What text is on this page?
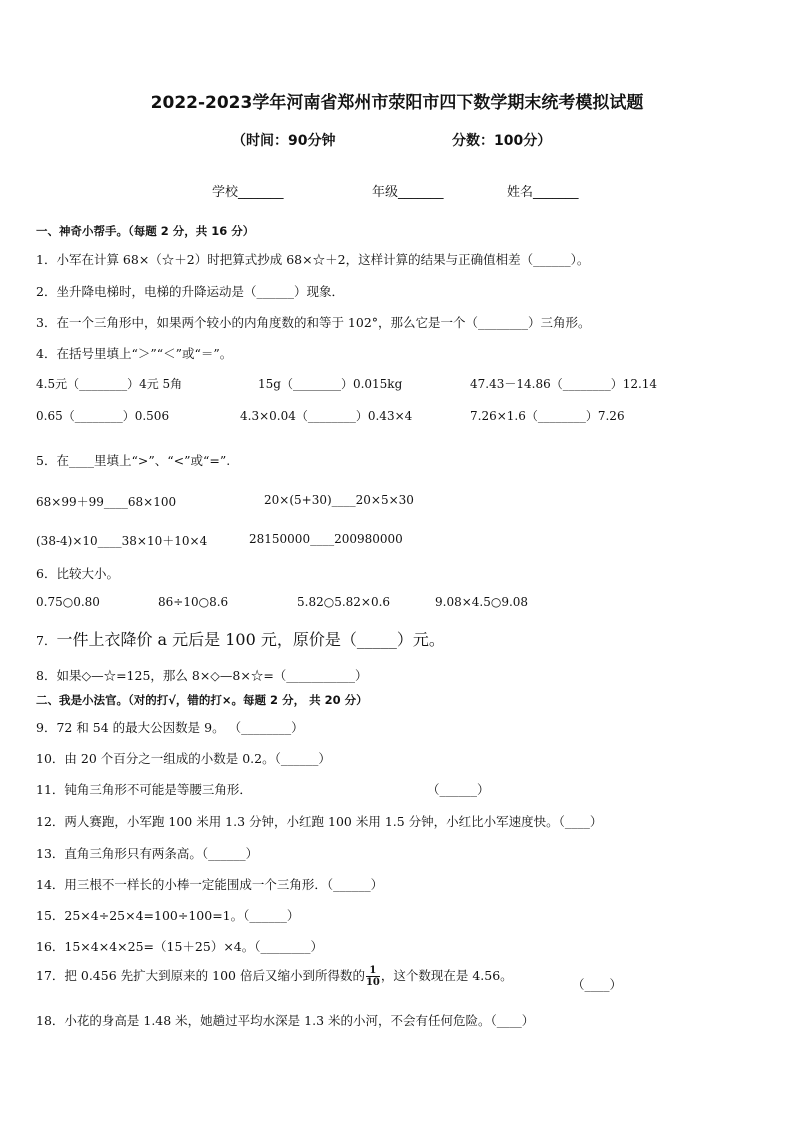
2022-2023学年河南省郑州市荥阳市四下数学期末统考模拟试题
（时间：90分钟	分数：100分）
学校_______	年级_______	姓名_______
一、神奇小帮手。（每题 2 分，共 16 分）
1．小军在计算 68×（☆＋2）时把算式抄成 68×☆＋2，这样计算的结果与正确值相差（______）。
2．坐升降电梯时，电梯的升降运动是（______）现象．
3．在一个三角形中，如果两个较小的内角度数的和等于 102°，那么它是一个（________）三角形。
4．在括号里填上“＞”“＜”或“＝”。
4.5元（________）4元 5角	15g（________）0.015kg	47.43－14.86（________）12.14
0.65（________）0.506	4.3×0.04（________）0.43×4	7.26×1.6（________）7.26
5．在____里填上“>”、“<”或“=”.
68×99＋99____68×100	20×(5+30)____20×5×30
(38-4)×10____38×10＋10×4	28150000____200980000
6．比较大小。
0.75○0.80	86÷10○8.6	5.82○5.82×0.6	9.08×4.5○9.08
7．一件上衣降价 a 元后是 100 元，原价是（_____）元。
8．如果◇—☆=125，那么 8×◇—8×☆=（___________）
二、我是小法官。（对的打√，错的打×。每题 2 分， 共 20 分）
9．72 和 54 的最大公因数是 9。 （________）
10．由 20 个百分之一组成的小数是 0.2。（______）
11．钝角三角形不可能是等腰三角形．	（______）
12．两人赛跑，小军跑 100 米用 1.3 分钟，小红跑 100 米用 1.5 分钟，小红比小军速度快。（____）
13．直角三角形只有两条高。（______）
14．用三根不一样长的小棒一定能围成一个三角形．（______）
15．25×4÷25×4=100÷100=1。（______）
16．15×4×4×25=（15＋25）×4。（________）
17．把 0.456 先扩大到原来的 100 倍后又缩小到所得数的 $\frac{1}{10}$ ，这个数现在是 4.56。
（____）
18．小花的身高是 1.48 米，她趟过平均水深是 1.3 米的小河，不会有任何危险。（____）
